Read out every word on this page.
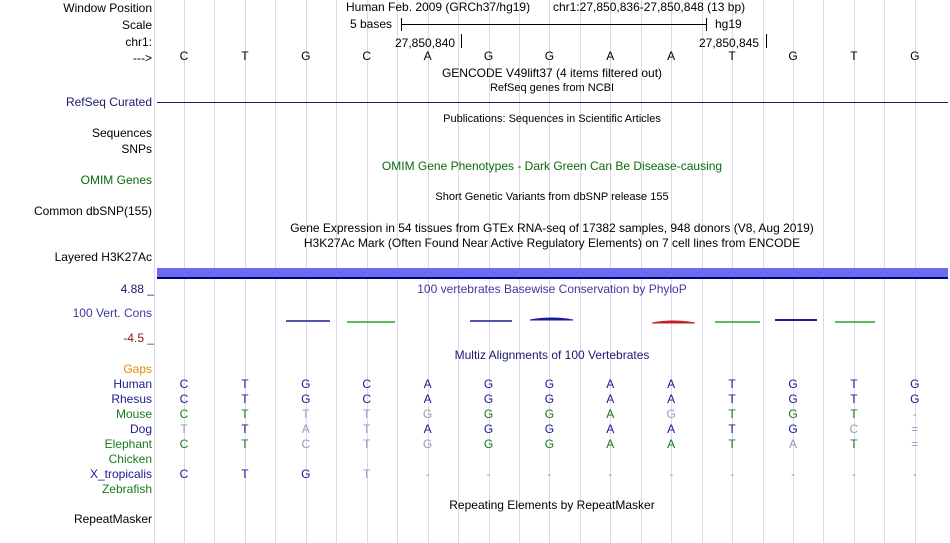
Window Position
Scale
chr1:
--->
Human Feb. 2009 (GRCh37/hg19) chr1:27,850,836-27,850,848 (13 bp)
5 bases	hg19
27,850,840	27,850,845
C	T	G	C	A	G	G	A	A	T	G	T	G
GENCODE V49lift37 (4 items filtered out)
RefSeq genes from NCBI
RefSeq Curated
Publications: Sequences in Scientific Articles
Sequences
SNPs
OMIM Gene Phenotypes - Dark Green Can Be Disease-causing
OMIM Genes
Short Genetic Variants from dbSNP release 155
Common dbSNP(155)
Gene Expression in 54 tissues from GTEx RNA-seq of 17382 samples, 948 donors (V8, Aug 2019)
H3K27Ac Mark (Often Found Near Active Regulatory Elements) on 7 cell lines from ENCODE
Layered H3K27Ac
4.88 _	100 vertebrates Basewise Conservation by PhyloP
100 Vert. Cons
-4.5 _
Multiz Alignments of 100 Vertebrates
Gaps
Human C	T	G	C	A	G	G	A	A	T	G	T	G
Rhesus C	T	G	C	A	G	G	A	A	T	G	T	G
Mouse C	T	T	T	G	G	G	A	G	T	G	T	-
Dog T	T	A	T	A	G	G	A	A	T	G	C	=
Elephant C	T	C	T	G	G	G	A	A	T	A	T	=
Chicken
X_tropicalis C	T	G	T	-	-	-	-	-	-	-	-	-
Zebrafish
Repeating Elements by RepeatMasker
RepeatMasker
